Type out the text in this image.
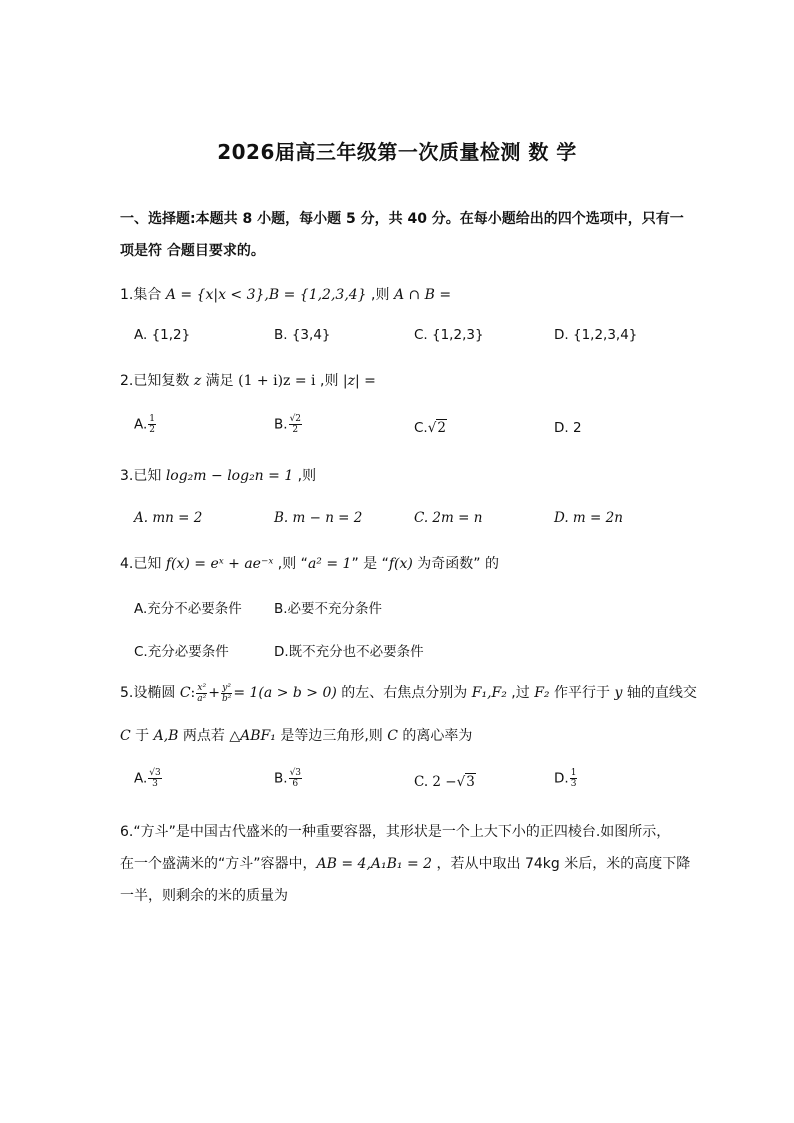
2026届高三年级第一次质量检测 数 学
一、选择题:本题共 8 小题，每小题 5 分，共 40 分。在每小题给出的四个选项中，只有一
项是符 合题目要求的。
1.集合 A = {x|x < 3},B = {1,2,3,4} ,则 A ∩ B =
A. {1,2}	B. {3,4}	C. {1,2,3}	D. {1,2,3,4}
2.已知复数 z 满足 (1 + i)z = i ,则 |z| =
A. $\frac{1}{2}$	B. $\frac{√2}{2}$	C.√2	D. 2
3.已知 log₂m − log₂n = 1 ,则
A. mn = 2	B. m − n = 2	C. 2m = n	D. m = 2n
4.已知 f(x) = eˣ + ae⁻ˣ ,则 “a² = 1” 是 “f(x) 为奇函数” 的
A.充分不必要条件 B.必要不充分条件
C.充分必要条件	D.既不充分也不必要条件
5.设椭圆 C: $\frac{\text{x²}}{\text{a²}} + \frac{\text{y²}}{\text{b²}} = 1(a > b > 0)$ 的左、右焦点分别为 F₁,F₂ ,过 F₂ 作平行于 y 轴的直线交
C 于 A,B 两点若 △ABF₁ 是等边三角形,则 C 的离心率为
A. $\frac{√3}{3}$	B. $\frac{√3}{6}$	C. 2 −√3	D. $\frac{1}{3}$
6.“方斗”是中国古代盛米的一种重要容器，其形状是一个上大下小的正四棱台.如图所示，
在一个盛满米的“方斗”容器中，AB = 4,A₁B₁ = 2 ，若从中取出 74kg 米后，米的高度下降
一半，则剩余的米的质量为
